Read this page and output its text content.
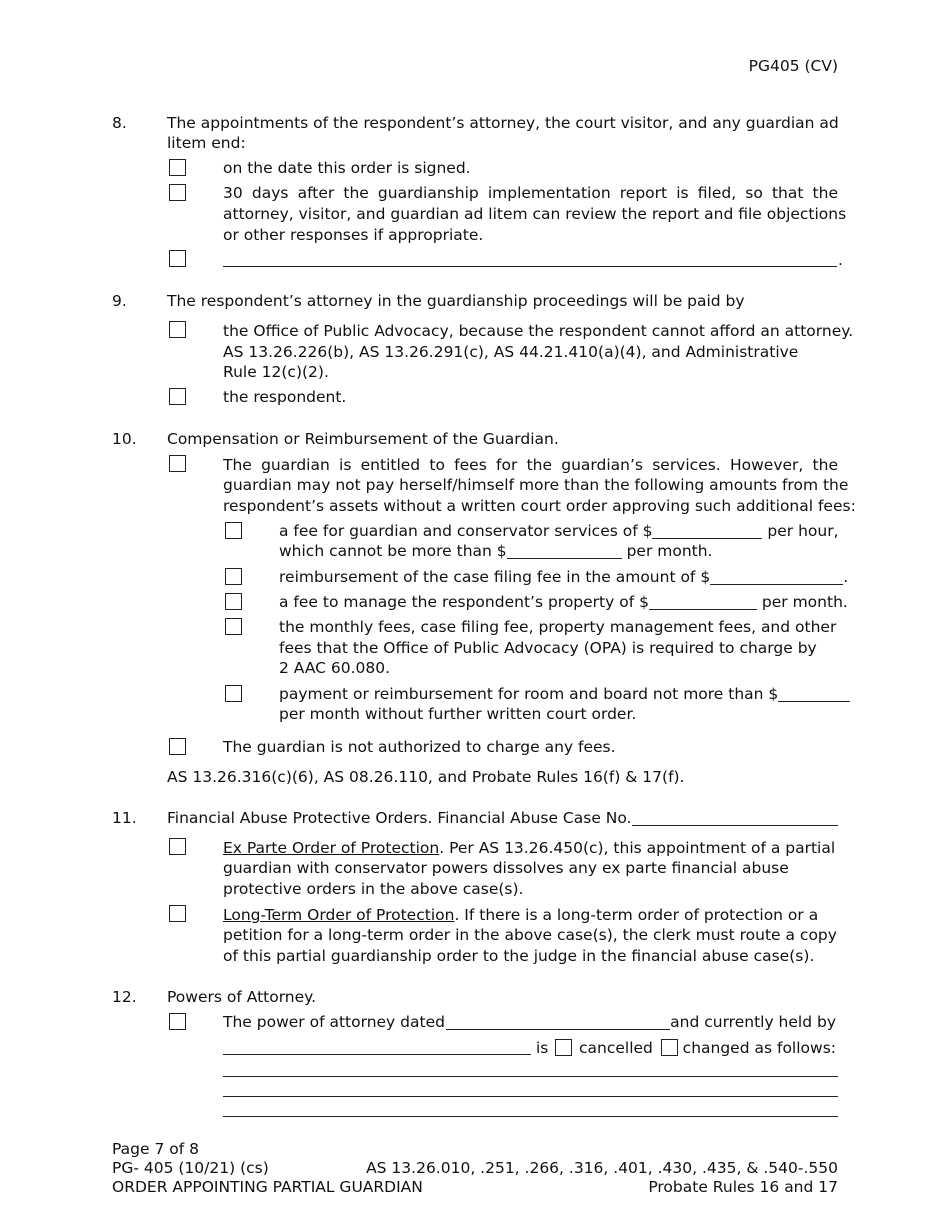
PG405 (CV)
8.	The appointments of the respondent’s attorney, the court visitor, and any guardian ad
litem end:
on the date this order is signed.
30 days after the guardianship implementation report is filed, so that the
attorney, visitor, and guardian ad litem can review the report and file objections
or other responses if appropriate.
.
9.	The respondent’s attorney in the guardianship proceedings will be paid by
the Office of Public Advocacy, because the respondent cannot afford an attorney.
AS 13.26.226(b), AS 13.26.291(c), AS 44.21.410(a)(4), and Administrative
Rule 12(c)(2).
the respondent.
10. Compensation or Reimbursement of the Guardian.
The guardian is entitled to fees for the guardian’s services. However, the
guardian may not pay herself/himself more than the following amounts from the
respondent’s assets without a written court order approving such additional fees:
a fee for guardian and conservator services of $	per hour,
which cannot be more than $	per month.
reimbursement of the case filing fee in the amount of $	.
a fee to manage the respondent’s property of $	per month.
the monthly fees, case filing fee, property management fees, and other
fees that the Office of Public Advocacy (OPA) is required to charge by
2 AAC 60.080.
payment or reimbursement for room and board not more than $
per month without further written court order.
The guardian is not authorized to charge any fees.
AS 13.26.316(c)(6), AS 08.26.110, and Probate Rules 16(f) & 17(f).
11. Financial Abuse Protective Orders. Financial Abuse Case No.
Ex Parte Order of Protection. Per AS 13.26.450(c), this appointment of a partial
guardian with conservator powers dissolves any ex parte financial abuse
protective orders in the above case(s).
Long-Term Order of Protection. If there is a long-term order of protection or a
petition for a long-term order in the above case(s), the clerk must route a copy
of this partial guardianship order to the judge in the financial abuse case(s).
12. Powers of Attorney.
The power of attorney dated	and currently held by
is cancelled changed as follows:
Page 7 of 8
PG- 405 (10/21) (cs)
ORDER APPOINTING PARTIAL GUARDIAN
AS 13.26.010, .251, .266, .316, .401, .430, .435, & .540-.550
Probate Rules 16 and 17
